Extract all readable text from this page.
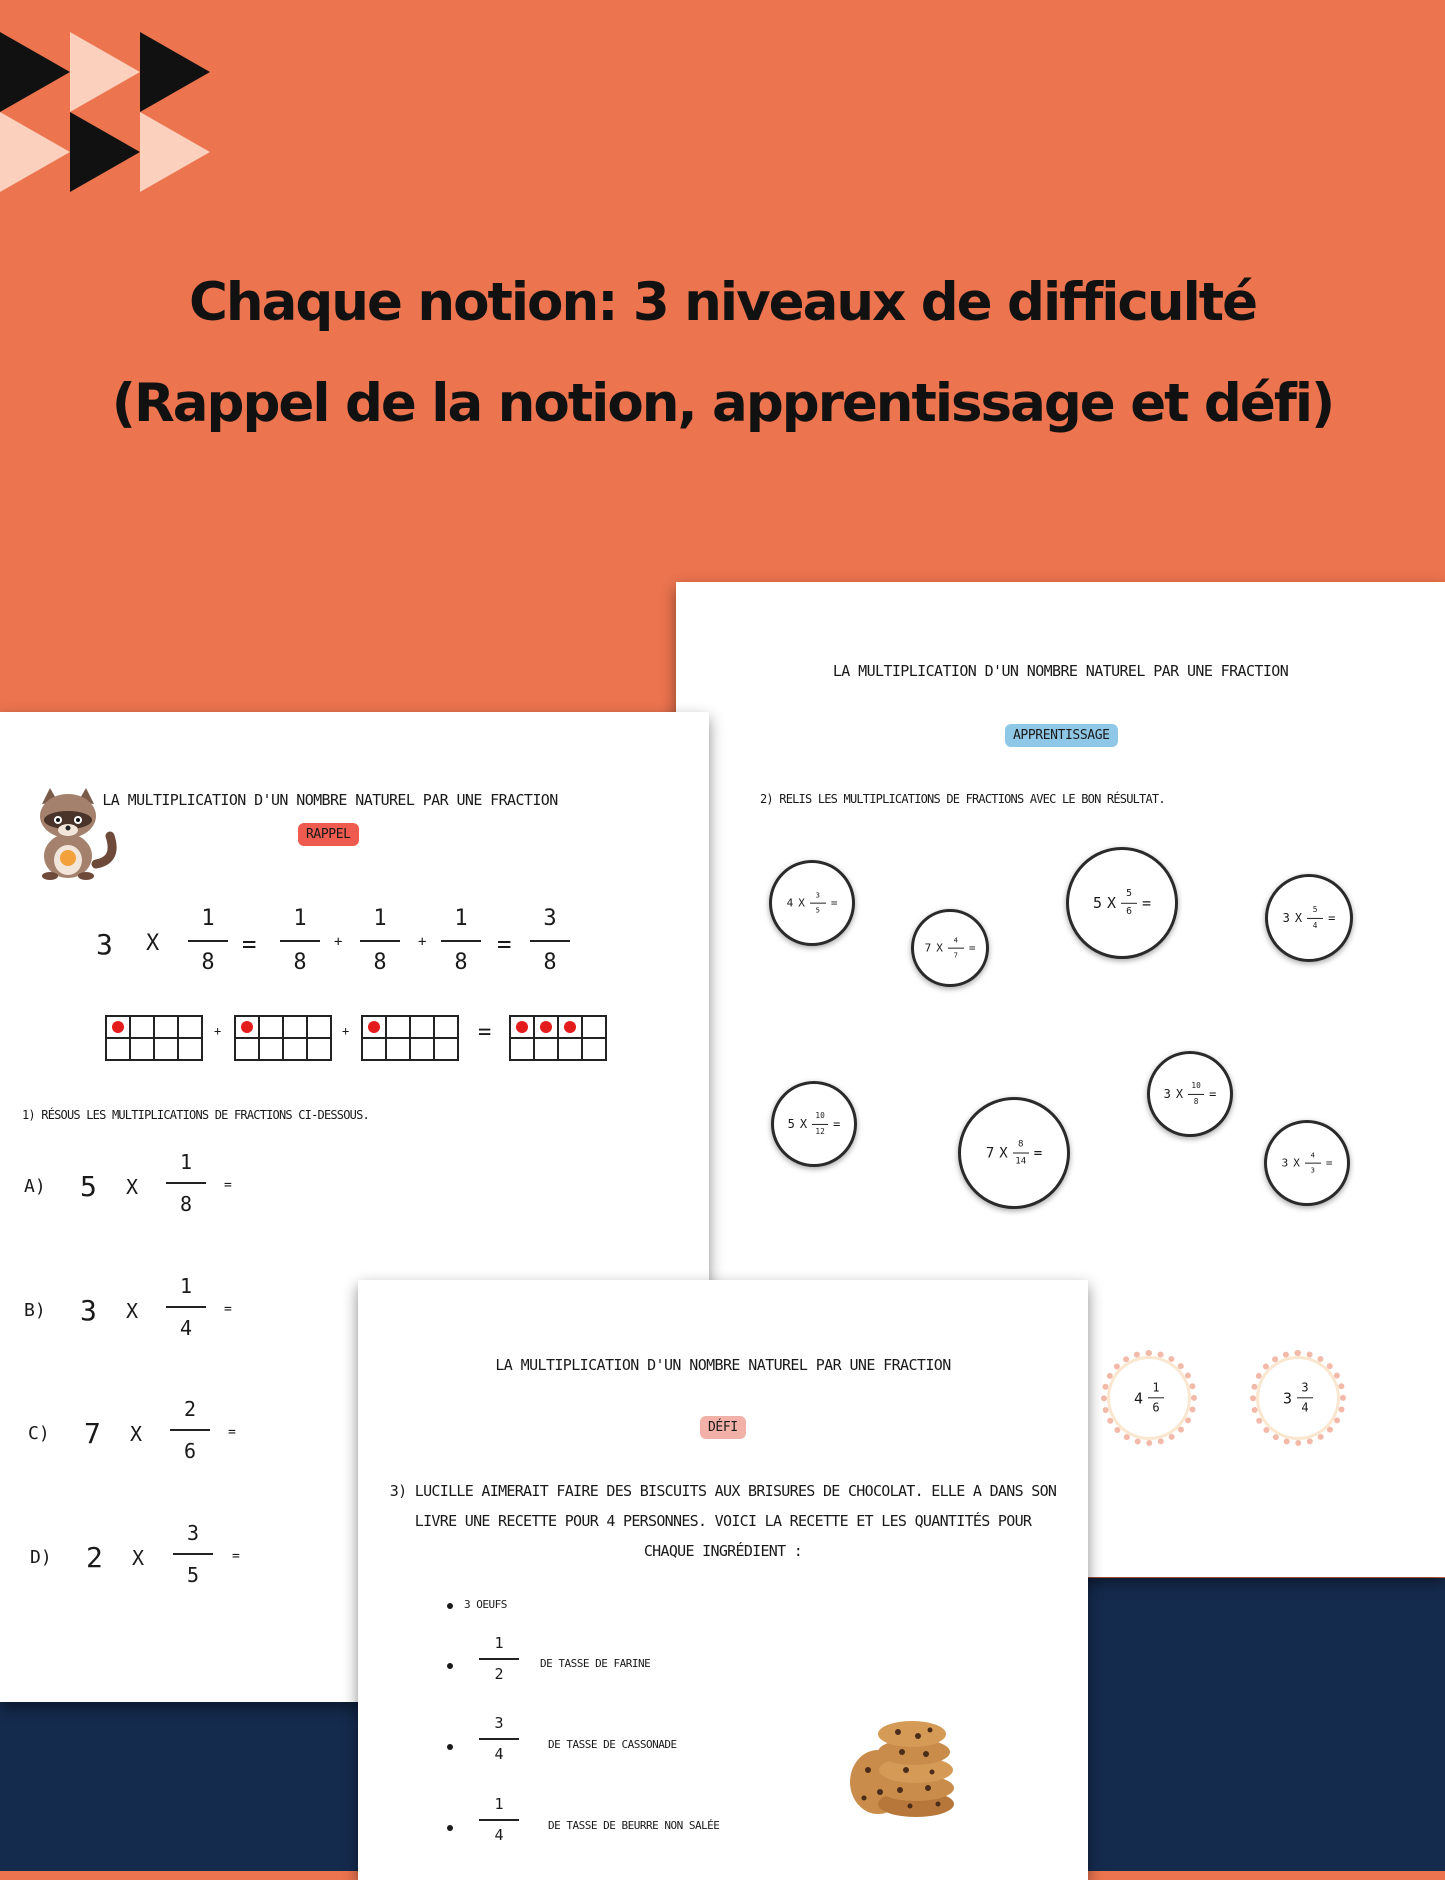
Chaque notion: 3 niveaux de difficulté
(Rappel de la notion, apprentissage et défi)
LA MULTIPLICATION D'UN NOMBRE NATUREL PAR UNE FRACTION
APPRENTISSAGE
2) RELIS LES MULTIPLICATIONS DE FRACTIONS AVEC LE BON RÉSULTAT.
4 X
3
5
=
7 X
4
7
=
5 X
5
6 =
3 X
5
4 =
5 X
10
12 =
7 X
8
14
=
3 X
10
8 =
3 X
4
3
=
4
1
6
3
3
4
LA MULTIPLICATION D'UN NOMBRE NATUREL PAR UNE FRACTION
RAPPEL
3 X
1
8
=
1
8
+
1
8
+
1
8
=
3
8
+	+	=
1) RÉSOUS LES MULTIPLICATIONS DE FRACTIONS CI-DESSOUS.
A) 5 X
1
8
=
B) 3 X
1
4
=
C) 7 X
2
6
=
D) 2 X
3
5
=
LA MULTIPLICATION D'UN NOMBRE NATUREL PAR UNE FRACTION
DÉFI
3) LUCILLE AIMERAIT FAIRE DES BISCUITS AUX BRISURES DE CHOCOLAT. ELLE A DANS SON
LIVRE UNE RECETTE POUR 4 PERSONNES. VOICI LA RECETTE ET LES QUANTITÉS POUR
CHAQUE INGRÉDIENT :
3 OEUFS
1
2
DE TASSE DE FARINE
3
4
DE TASSE DE CASSONADE
1
4
DE TASSE DE BEURRE NON SALÉE
